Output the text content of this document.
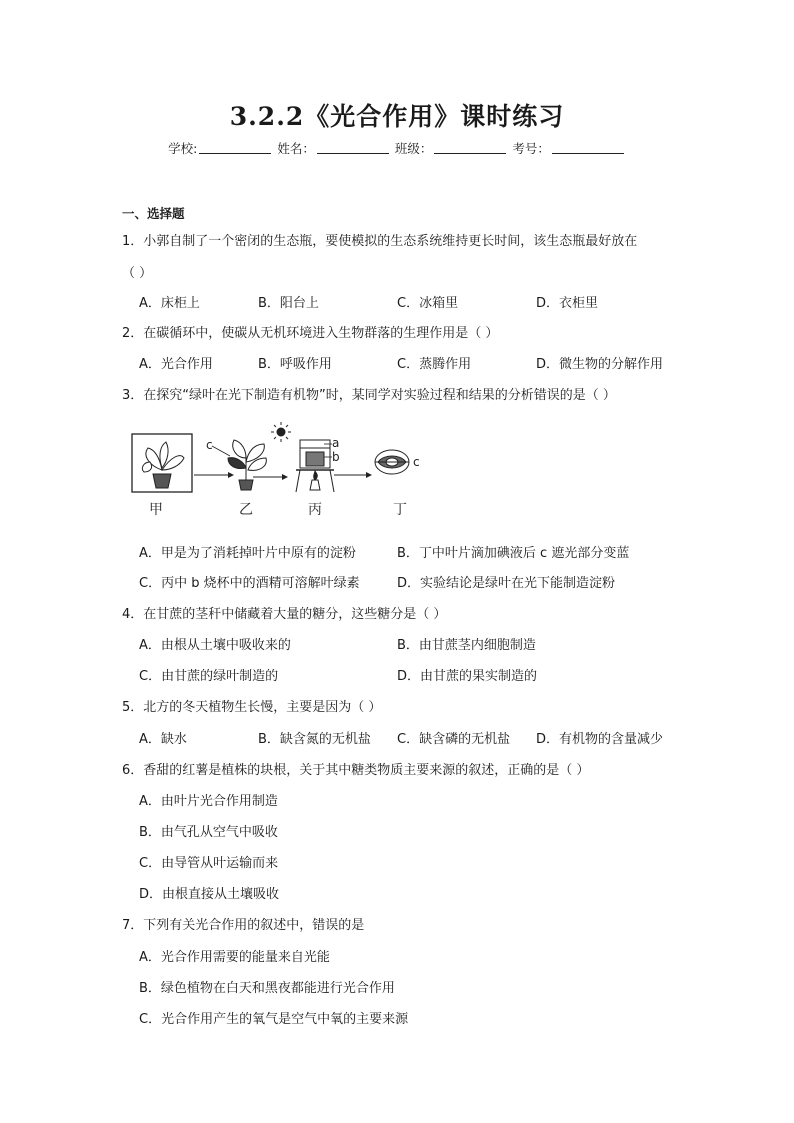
3.2.2《光合作用》课时练习
学校:	姓名：	班级：	考号：
一、选择题
1．小郭自制了一个密闭的生态瓶，要使模拟的生态系统维持更长时间，该生态瓶最好放在
（ ）
A．床柜上	B．阳台上	C．冰箱里	D．衣柜里
2．在碳循环中，使碳从无机环境进入生物群落的生理作用是（ ）
A．光合作用	B．呼吸作用	C．蒸腾作用	D．微生物的分解作用
3．在探究“绿叶在光下制造有机物”时，某同学对实验过程和结果的分析错误的是（ ）
c	a
b	c
甲	乙	丙	丁
A．甲是为了消耗掉叶片中原有的淀粉	B．丁中叶片滴加碘液后 c 遮光部分变蓝
C．丙中 b 烧杯中的酒精可溶解叶绿素	D．实验结论是绿叶在光下能制造淀粉
4．在甘蔗的茎秆中储藏着大量的糖分，这些糖分是（ ）
A．由根从土壤中吸收来的	B．由甘蔗茎内细胞制造
C．由甘蔗的绿叶制造的	D．由甘蔗的果实制造的
5．北方的冬天植物生长慢，主要是因为（ ）
A．缺水	B．缺含氮的无机盐 C．缺含磷的无机盐 D．有机物的含量减少
6．香甜的红薯是植株的块根，关于其中糖类物质主要来源的叙述，正确的是（ ）
A．由叶片光合作用制造
B．由气孔从空气中吸收
C．由导管从叶运输而来
D．由根直接从土壤吸收
7．下列有关光合作用的叙述中，错误的是
A．光合作用需要的能量来自光能
B．绿色植物在白天和黑夜都能进行光合作用
C．光合作用产生的氧气是空气中氧的主要来源
